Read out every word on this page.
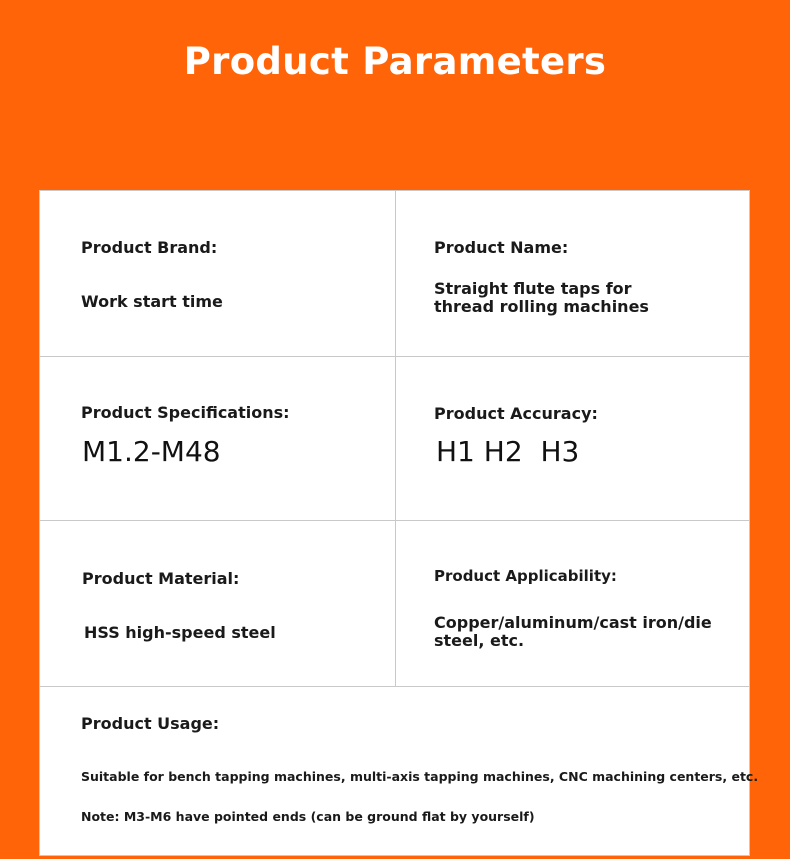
Product Parameters
Product Brand:
Work start time
Product Name:
Straight flute taps for
thread rolling machines
Product Specifications:
M1.2-M48
Product Accuracy:
H1 H2  H3
Product Material:
HSS high-speed steel
Product Applicability:
Copper/aluminum/cast iron/die
steel, etc.
Product Usage:
Suitable for bench tapping machines, multi-axis tapping machines, CNC machining centers, etc.
Note: M3-M6 have pointed ends (can be ground flat by yourself)
